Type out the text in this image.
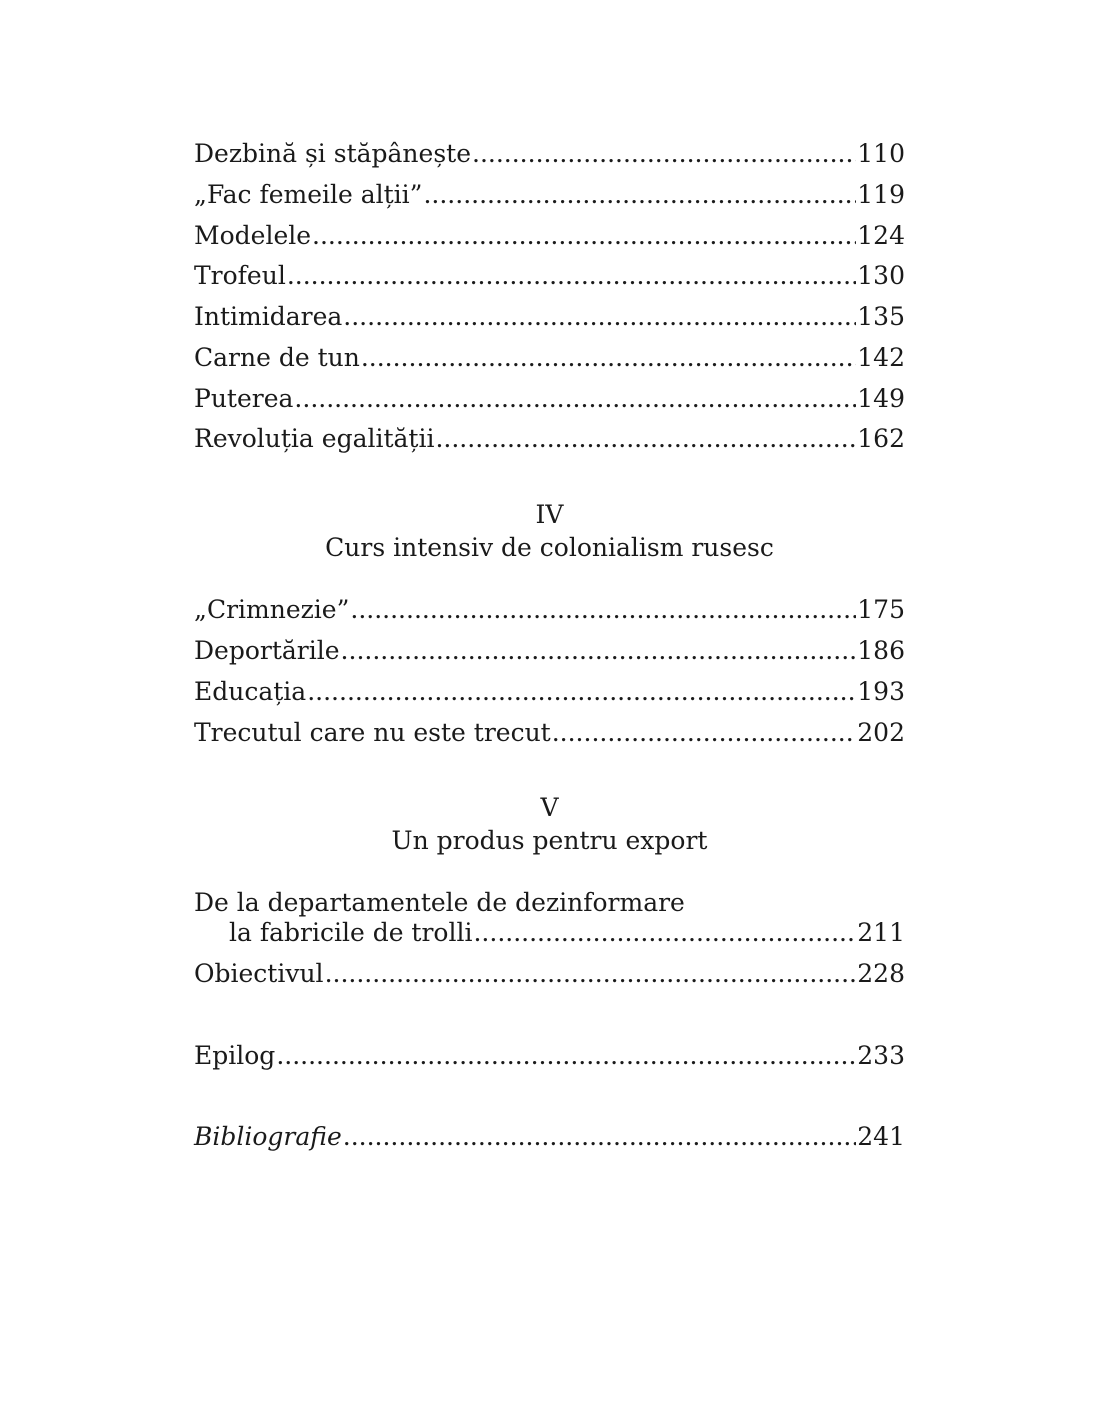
Dezbină și stăpânește .....	110
„Fac femeile alții” .....	119
Modelele .....	124
Trofeul .....	130
Intimidarea .....	135
Carne de tun .....	142
Puterea .....	149
Revoluția egalității .....	162
IV
Curs intensiv de colonialism rusesc
„Crimnezie” .....	175
Deportările .....	186
Educația .....	193
Trecutul care nu este trecut .....	202
V
Un produs pentru export
De la departamentele de dezinformare
la fabricile de trolli .....	211
Obiectivul .....	228
Epilog .....	233
Bibliografie .....	241
